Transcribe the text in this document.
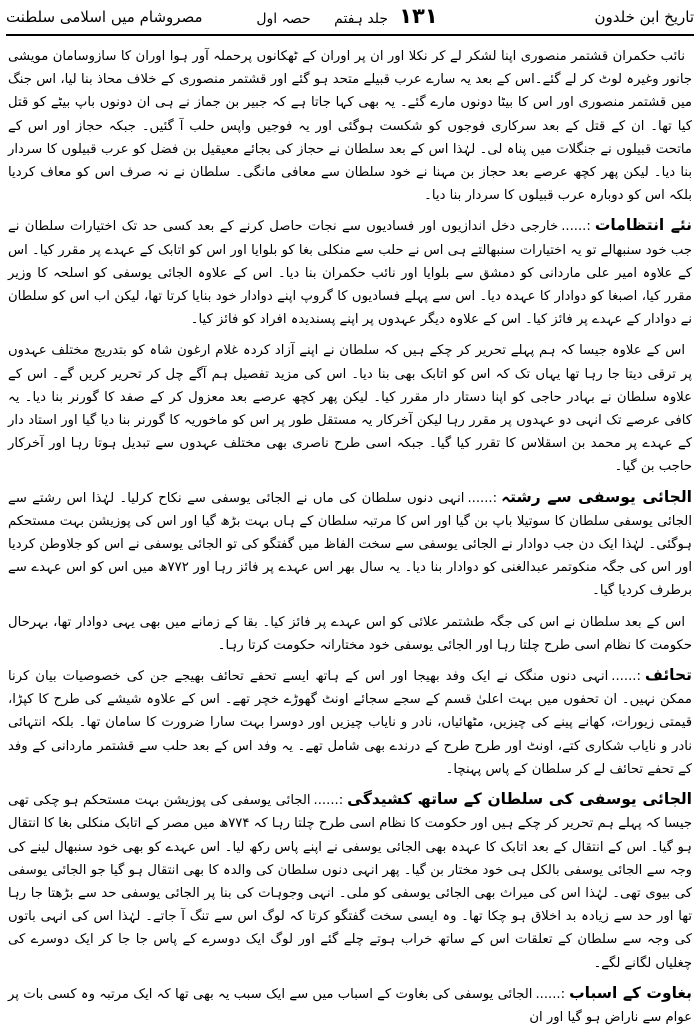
تاریخ ابن خلدون
۱۳۱ جلد ہفتم     حصہ اول
مصروشام میں اسلامی سلطنت

نائب حکمران قشتمر منصوری اپنا لشکر لے کر نکلا اور ان پر اوران کے ٹھکانوں پرحملہ آور ہوا اوران کا سازوسامان مویشی جانور وغیرہ لوٹ کر لے گئے۔اس کے بعد یہ سارے عرب قبیلے متحد ہو گئے اور قشتمر منصوری کے خلاف محاذ بنا لیا، اس جنگ میں قشتمر منصوری اور اس کا بیٹا دونوں مارے گئے۔ یہ بھی کہا جاتا ہے کہ جبیر بن جماز نے ہی ان دونوں باپ بیٹے کو قتل کیا تھا۔ ان کے قتل کے بعد سرکاری فوجوں کو شکست ہوگئی اور یہ فوجیں واپس حلب آ گئیں۔ جبکہ حجاز اور اس کے ماتحت قبیلوں نے جنگلات میں پناہ لی۔ لہٰذا اس کے بعد سلطان نے حجاز کی بجائے معیقیل بن فضل کو عرب قبیلوں کا سردار بنا دیا۔ لیکن پھر کچھ عرصے بعد حجاز بن مہنا نے خود سلطان سے معافی مانگی۔ سلطان نے نہ صرف اس کو معاف کردیا بلکہ اس کو دوبارہ عرب قبیلوں کا سردار بنا دیا۔

نئے انتظامات:......خارجی دخل اندازیوں اور فسادیوں سے نجات حاصل کرنے کے بعد کسی حد تک اختیارات سلطان نے جب خود سنبھالے تو یہ اختیارات سنبھالتے ہی اس نے حلب سے منکلی بغا کو بلوایا اور اس کو اتابک کے عہدے پر مقرر کیا۔ اس کے علاوہ امیر علی ماردانی کو دمشق سے بلوایا اور نائب حکمران بنا دیا۔ اس کے علاوہ الجائی یوسفی کو اسلحہ کا وزیر مقرر کیا، اصبغا کو دوادار کا عہدہ دیا۔ اس سے پہلے فسادیوں کا گروپ اپنے دوادار خود بنایا کرتا تھا، لیکن اب اس کو سلطان نے دوادار کے عہدے پر فائز کیا۔ اس کے علاوہ دیگر عہدوں پر اپنے پسندیدہ افراد کو فائز کیا۔

اس کے علاوہ جیسا کہ ہم پہلے تحریر کر چکے ہیں کہ سلطان نے اپنے آزاد کردہ غلام ارغون شاہ کو بتدریج مختلف عہدوں پر ترقی دیتا جا رہا تھا یہاں تک کہ اس کو اتابک بھی بنا دیا۔ اس کی مزید تفصیل ہم آگے چل کر تحریر کریں گے۔ اس کے علاوہ سلطان نے بہادر حاجی کو اپنا دستار دار مقرر کیا۔ لیکن پھر کچھ عرصے بعد معزول کر کے صفد کا گورنر بنا دیا۔ یہ کافی عرصے تک انہی دو عہدوں پر مقرر رہا لیکن آخرکار یہ مستقل طور پر اس کو ماخوریہ کا گورنر بنا دیا گیا اور استاد دار کے عہدے پر محمد بن اسقلاس کا تقرر کیا گیا۔ جبکہ اسی طرح ناصری بھی مختلف عہدوں سے تبدیل ہوتا رہا اور آخرکار حاجب بن گیا۔

الجائی یوسفی سے رشتہ:......انہی دنوں سلطان کی ماں نے الجائی یوسفی سے نکاح کرلیا۔ لہٰذا اس رشتے سے الجائی یوسفی سلطان کا سوتیلا باپ بن گیا اور اس کا مرتبہ سلطان کے ہاں بہت بڑھ گیا اور اس کی پوزیشن بہت مستحکم ہوگئی۔ لہٰذا ایک دن جب دوادار نے الجائی یوسفی سے سخت الفاظ میں گفتگو کی تو الجائی یوسفی نے اس کو جلاوطن کردیا اور اس کی جگہ منکوتمر عبدالغنی کو دوادار بنا دیا۔ یہ سال بھر اس عہدے پر فائز رہا اور ۷۷۲ھ میں اس کو اس عہدے سے برطرف کردیا گیا۔

اس کے بعد سلطان نے اس کی جگہ طشتمر علائی کو اس عہدے پر فائز کیا۔ بقا کے زمانے میں بھی یہی دوادار تھا، بہرحال حکومت کا نظام اسی طرح چلتا رہا اور الجائی یوسفی خود مختارانہ حکومت کرتا رہا۔

تحائف:......انہی دنوں منگک نے ایک وفد بھیجا اور اس کے ہاتھ ایسے تحفے تحائف بھیجے جن کی خصوصیات بیان کرنا ممکن نہیں۔ ان تحفوں میں بہت اعلیٰ قسم کے سجے سجائے اونٹ گھوڑے خچر تھے۔ اس کے علاوہ شیشے کی طرح کا کپڑا، قیمتی زیورات، کھانے پینے کی چیزیں، مٹھائیاں، نادر و نایاب چیزیں اور دوسرا بہت سارا ضرورت کا سامان تھا۔ بلکہ انتہائی نادر و نایاب شکاری کتے، اونٹ اور طرح طرح کے درندے بھی شامل تھے۔ یہ وفد اس کے بعد حلب سے قشتمر ماردانی کے وفد کے تحفے تحائف لے کر سلطان کے پاس پہنچا۔

الجائی یوسفی کی سلطان کے ساتھ کشیدگی:......الجائی یوسفی کی پوزیشن بہت مستحکم ہو چکی تھی جیسا کہ پہلے ہم تحریر کر چکے ہیں اور حکومت کا نظام اسی طرح چلتا رہا کہ ۷۷۴ھ میں مصر کے اتابک منکلی بغا کا انتقال ہو گیا۔ اس کے انتقال کے بعد اتابک کا عہدہ بھی الجائی یوسفی نے اپنے پاس رکھ لیا۔ اس عہدے کو بھی خود سنبھال لینے کی وجہ سے الجائی یوسفی بالکل ہی خود مختار بن گیا۔ پھر انہی دنوں سلطان کی والدہ کا بھی انتقال ہو گیا جو الجائی یوسفی کی بیوی تھی۔ لہٰذا اس کی میراث بھی الجائی یوسفی کو ملی۔ انہی وجوہات کی بنا پر الجائی یوسفی حد سے بڑھتا جا رہا تھا اور حد سے زیادہ بد اخلاق ہو چکا تھا۔ وہ ایسی سخت گفتگو کرتا کہ لوگ اس سے تنگ آ جاتے۔ لہٰذا اس کی انہی باتوں کی وجہ سے سلطان کے تعلقات اس کے ساتھ خراب ہوتے چلے گئے اور لوگ ایک دوسرے کے پاس جا جا کر ایک دوسرے کی چغلیاں لگانے لگے۔

بغاوت کے اسباب:......الجائی یوسفی کی بغاوت کے اسباب میں سے ایک سبب یہ بھی تھا کہ ایک مرتبہ وہ کسی بات پر عوام سے ناراض ہو گیا اور ان
